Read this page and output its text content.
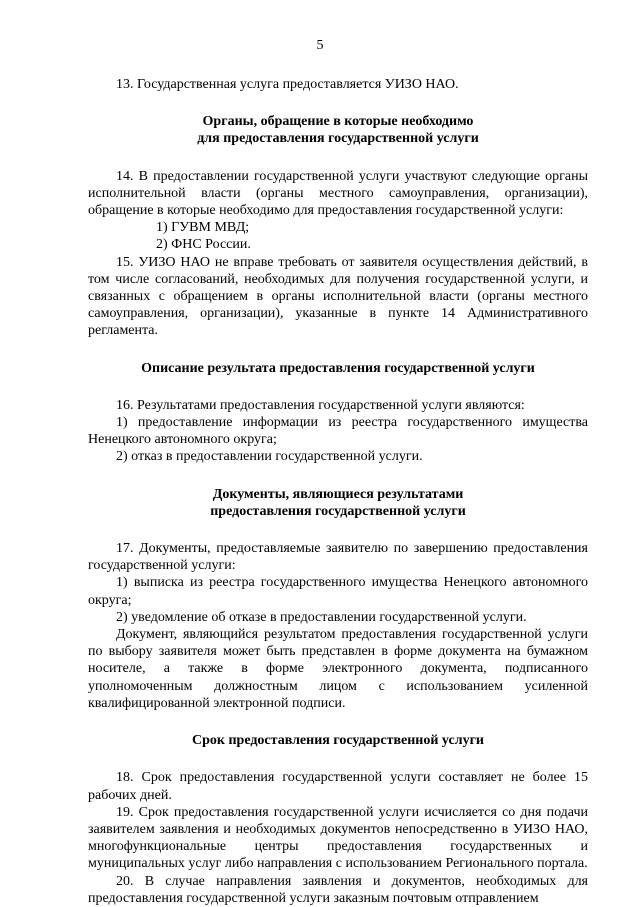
5

13. Государственная услуга предоставляется УИЗО НАО.

Органы, обращение в которые необходимо
для предоставления государственной услуги

14. В предоставлении государственной услуги участвуют следующие органы исполнительной власти (органы местного самоуправления, организации), обращение в которые необходимо для предоставления государственной услуги:

1) ГУВМ МВД;

2) ФНС России.

15. УИЗО НАО не вправе требовать от заявителя осуществления действий, в том числе согласований, необходимых для получения государственной услуги, и связанных с обращением в органы исполнительной власти (органы местного самоуправления, организации), указанные в пункте 14 Административного регламента.

Описание результата предоставления государственной услуги

16. Результатами предоставления государственной услуги являются:

1) предоставление информации из реестра государственного имущества Ненецкого автономного округа;

2) отказ в предоставлении государственной услуги.

Документы, являющиеся результатами
предоставления государственной услуги

17. Документы, предоставляемые заявителю по завершению предоставления государственной услуги:

1) выписка из реестра государственного имущества Ненецкого автономного округа;

2) уведомление об отказе в предоставлении государственной услуги.

Документ, являющийся результатом предоставления государственной услуги по выбору заявителя может быть представлен в форме документа на бумажном носителе, а также в форме электронного документа, подписанного уполномоченным должностным лицом с использованием усиленной квалифицированной электронной подписи.

Срок предоставления государственной услуги

18. Срок предоставления государственной услуги составляет не более 15 рабочих дней.

19. Срок предоставления государственной услуги исчисляется со дня подачи заявителем заявления и необходимых документов непосредственно в УИЗО НАО, многофункциональные центры предоставления государственных и муниципальных услуг либо направления с использованием Регионального портала.

20. В случае направления заявления и документов, необходимых для предоставления государственной услуги заказным почтовым отправлением
